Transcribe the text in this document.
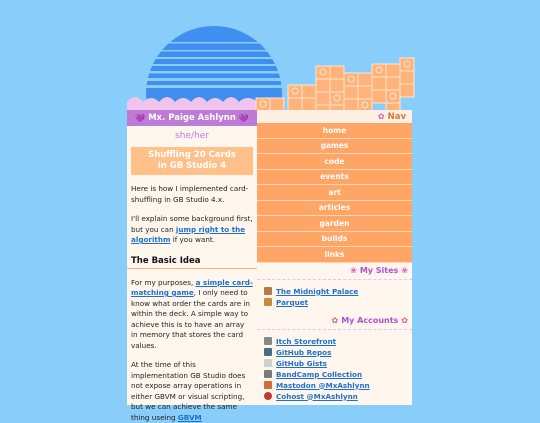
💜 Mx. Paige Ashlynn 💜
she/her
Shuffling 20 Cards
in GB Studio 4

Here is how I implemented card-shuffling in GB Studio 4.x.

I'll explain some background first, but you can jump right to the algorithm if you want.

The Basic Idea

For my purposes, a simple card-matching game, I only need to know what order the cards are in within the deck. A simple way to achieve this is to have an array in memory that stores the card values.

At the time of this implementation GB Studio does not expose array operations in either GBVM or visual scripting, but we can achieve the same thing useing GBVM

✿ Nav
home
games
code
events
art
articles
garden
builds
links
❀ My Sites ❀
The Midnight Palace
Parquet
✿ My Accounts ✿
Itch Storefront
GitHub Repos
GitHub Gists
BandCamp Collection
Mastodon @MxAshlynn
Cohost @MxAshlynn
